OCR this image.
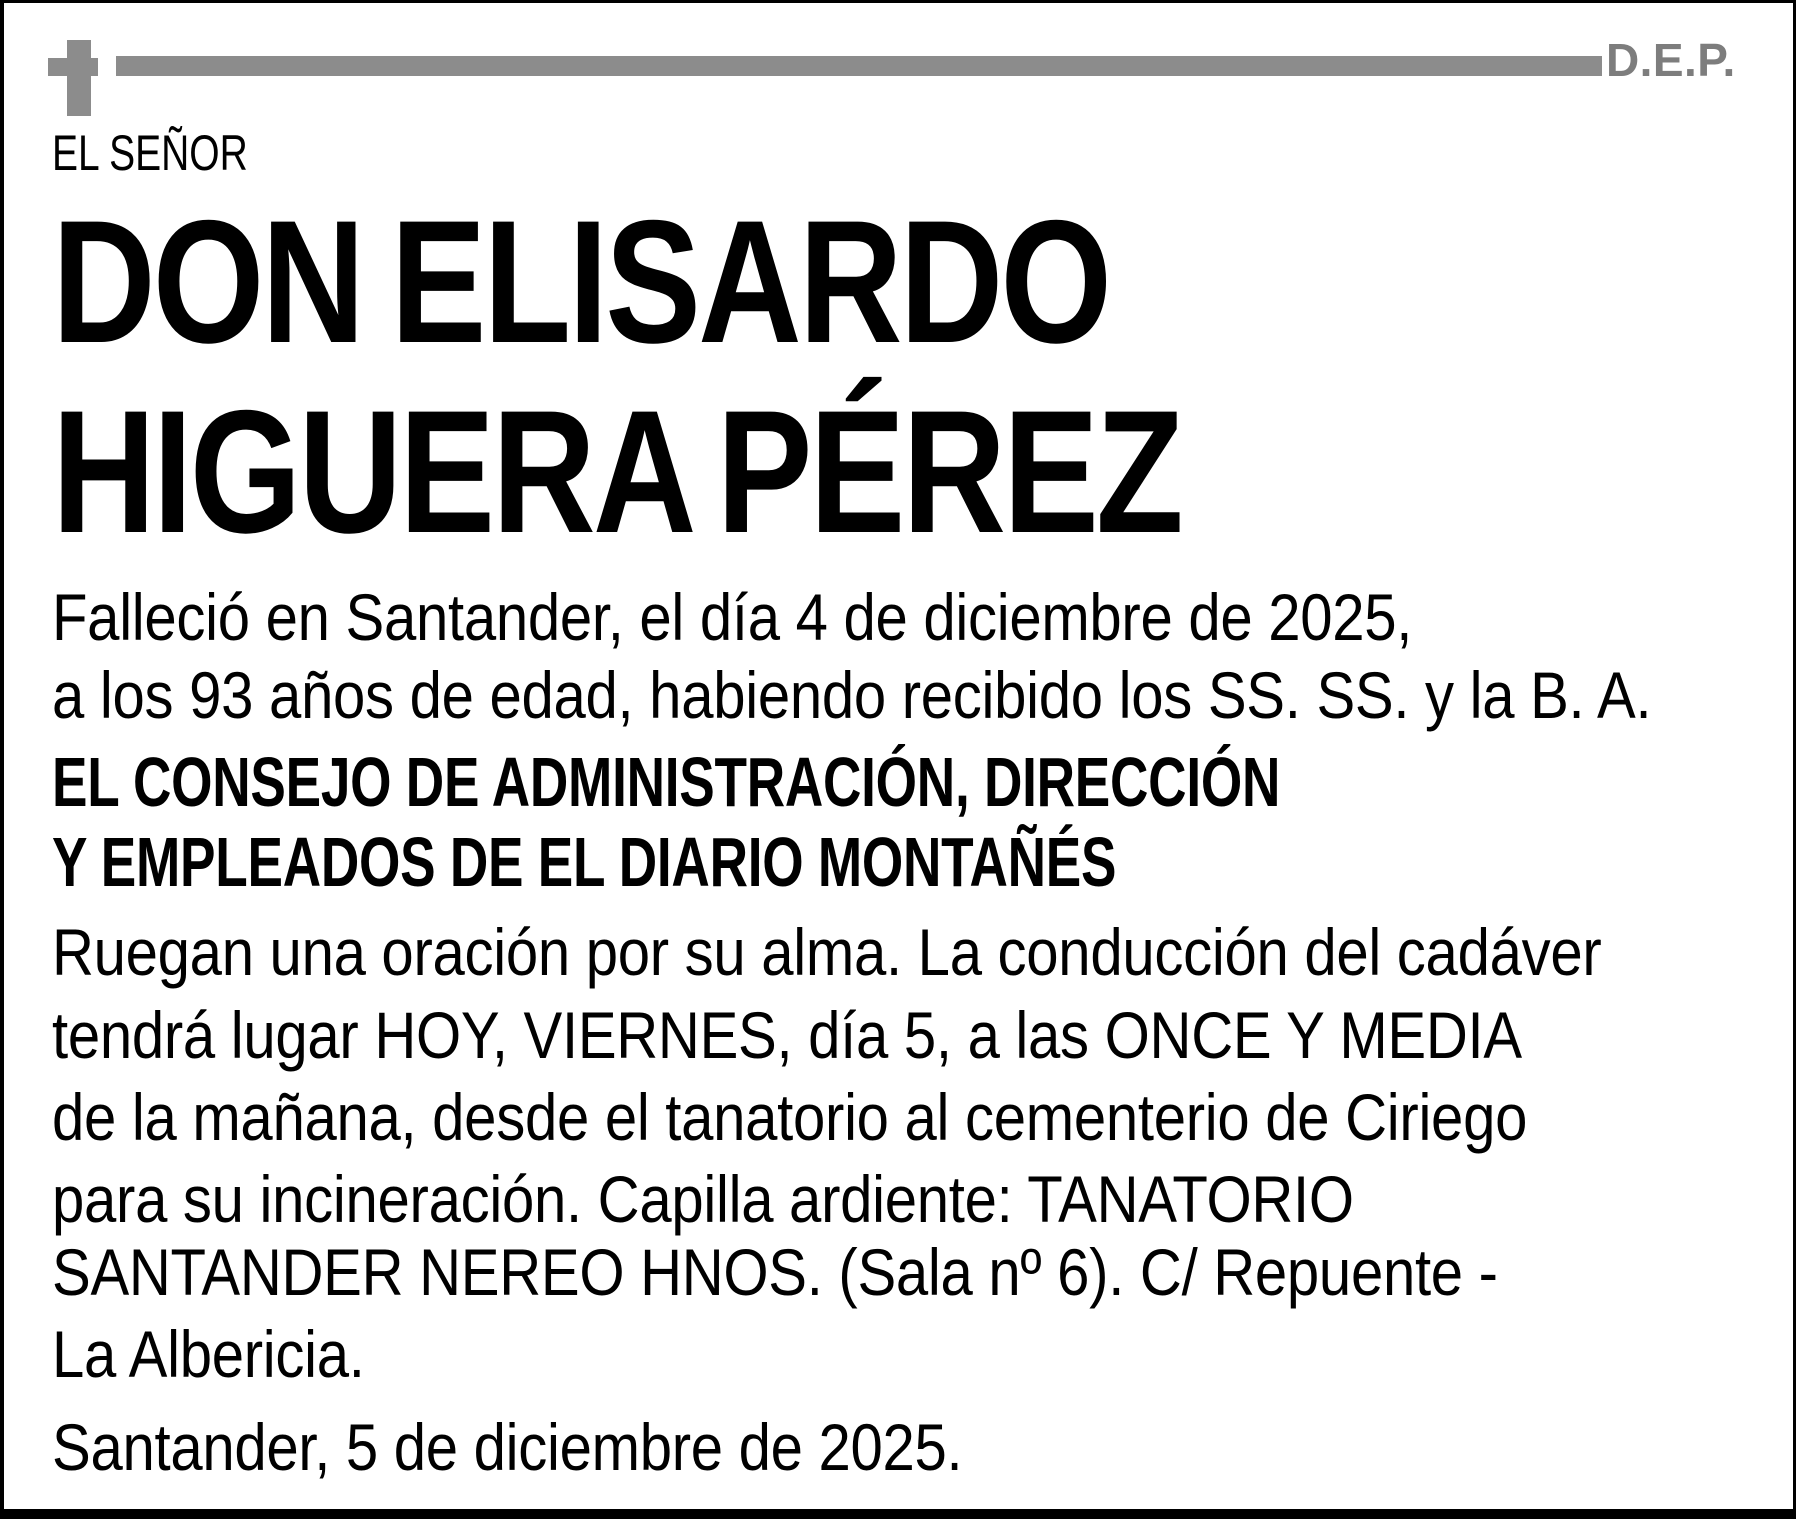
D.E.P.
EL SEÑOR
DON ELISARDO
HIGUERA PÉREZ
Falleció en Santander, el día 4 de diciembre de 2025,
a los 93 años de edad, habiendo recibido los SS. SS. y la B. A.
EL CONSEJO DE ADMINISTRACIÓN, DIRECCIÓN
Y EMPLEADOS DE EL DIARIO MONTAÑÉS
Ruegan una oración por su alma. La conducción del cadáver
tendrá lugar HOY, VIERNES, día 5, a las ONCE Y MEDIA
de la mañana, desde el tanatorio al cementerio de Ciriego
para su incineración. Capilla ardiente: TANATORIO
SANTANDER NEREO HNOS. (Sala nº 6). C/ Repuente -
La Albericia.
Santander, 5 de diciembre de 2025.
